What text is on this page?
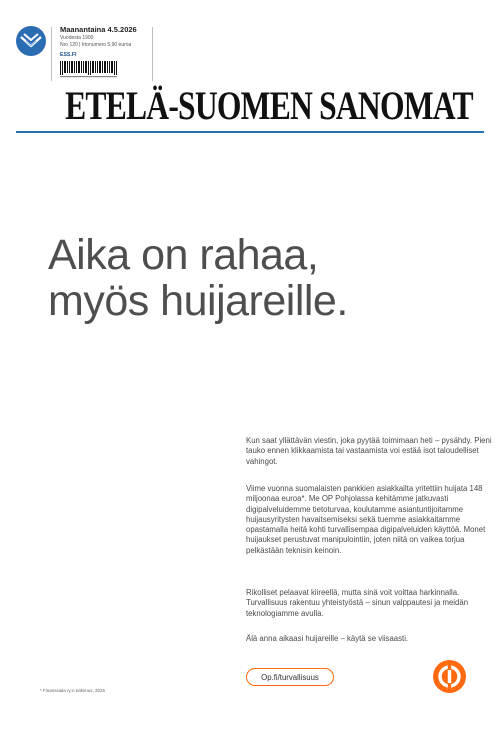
Maanantaina 4.5.2026
Vuodesta 1900
Nro 120 | Irtonumero 5,90 euroa
ESS.FI
ETELÄ-SUOMEN SANOMAT
Aika on rahaa,
myös huijareille.

Kun saat yllättävän viestin, joka pyytää toimimaan heti – pysähdy. Pieni tauko ennen klikkaamista tai vastaamista voi estää isot taloudelliset vahingot.

Viime vuonna suomalaisten pankkien asiakkailta yritettiin huijata 148 miljoonaa euroa*. Me OP Pohjolassa kehitämme jatkuvasti digipalveluidemme tietoturvaa, koulutamme asiantuntijoitamme huijausyritysten havaitsemiseksi sekä tuemme asiakkaitamme opastamalla heitä kohti turvallisempaa digipalveluiden käyttöä. Monet huijaukset perustuvat manipulointiin, joten niitä on vaikea torjua pelkästään teknisin keinoin.

Rikolliset pelaavat kiireellä, mutta sinä voit voittaa harkinnalla. Turvallisuus rakentuu yhteistyöstä – sinun valppautesi ja meidän teknologiamme avulla.

Älä anna aikaasi huijareille – käytä se viisaasti.

Op.fi/turvallisuus
* Finanssiala ry:n tutkimus, 2025
